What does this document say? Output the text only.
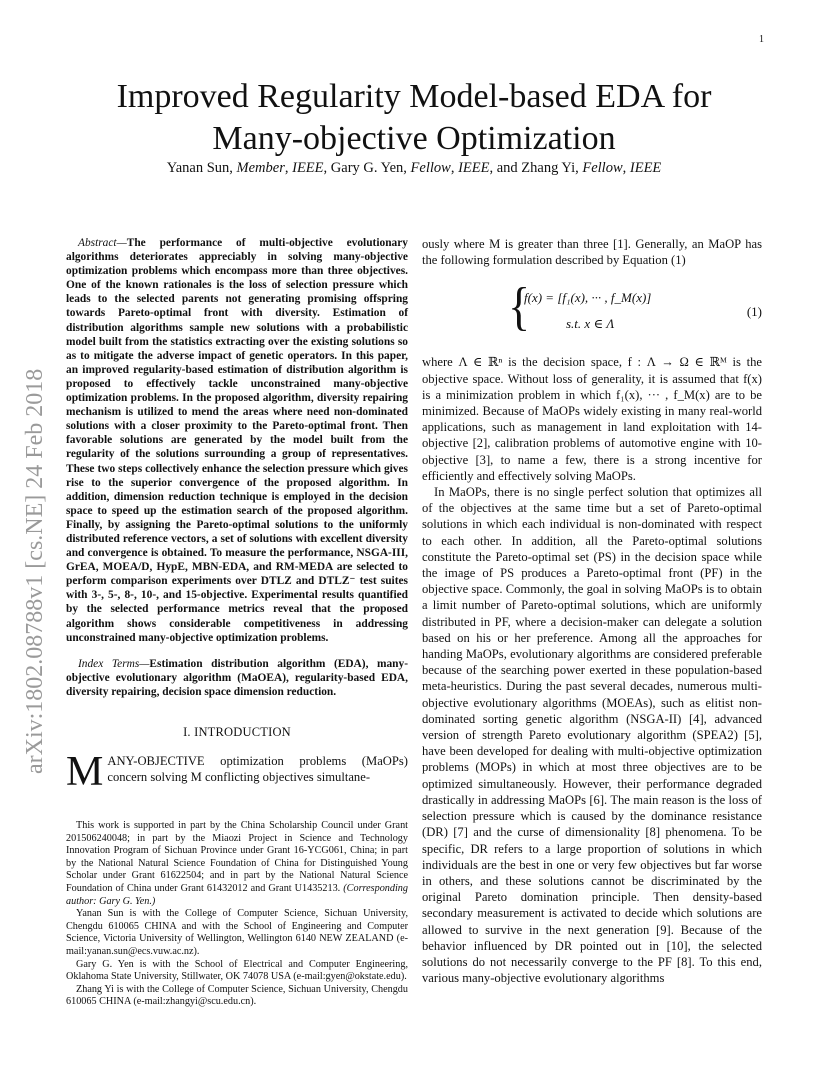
1
arXiv:1802.08788v1 [cs.NE] 24 Feb 2018
Improved Regularity Model-based EDA for
Many-objective Optimization
Yanan Sun, Member, IEEE, Gary G. Yen, Fellow, IEEE, and Zhang Yi, Fellow, IEEE

Abstract—The performance of multi-objective evolutionary algorithms deteriorates appreciably in solving many-objective optimization problems which encompass more than three objectives. One of the known rationales is the loss of selection pressure which leads to the selected parents not generating promising offspring towards Pareto-optimal front with diversity. Estimation of distribution algorithms sample new solutions with a probabilistic model built from the statistics extracting over the existing solutions so as to mitigate the adverse impact of genetic operators. In this paper, an improved regularity-based estimation of distribution algorithm is proposed to effectively tackle unconstrained many-objective optimization problems. In the proposed algorithm, diversity repairing mechanism is utilized to mend the areas where need non-dominated solutions with a closer proximity to the Pareto-optimal front. Then favorable solutions are generated by the model built from the regularity of the solutions surrounding a group of representatives. These two steps collectively enhance the selection pressure which gives rise to the superior convergence of the proposed algorithm. In addition, dimension reduction technique is employed in the decision space to speed up the estimation search of the proposed algorithm. Finally, by assigning the Pareto-optimal solutions to the uniformly distributed reference vectors, a set of solutions with excellent diversity and convergence is obtained. To measure the performance, NSGA-III, GrEA, MOEA/D, HypE, MBN-EDA, and RM-MEDA are selected to perform comparison experiments over DTLZ and DTLZ⁻ test suites with 3-, 5-, 8-, 10-, and 15-objective. Experimental results quantified by the selected performance metrics reveal that the proposed algorithm shows considerable competitiveness in addressing unconstrained many-objective optimization problems.

Index Terms—Estimation distribution algorithm (EDA), many-objective evolutionary algorithm (MaOEA), regularity-based EDA, diversity repairing, decision space dimension reduction.

I. INTRODUCTION

MANY-OBJECTIVE optimization problems (MaOPs) concern solving M conflicting objectives simultane-

This work is supported in part by the China Scholarship Council under Grant 201506240048; in part by the Miaozi Project in Science and Technology Innovation Program of Sichuan Province under Grant 16-YCG061, China; in part by the National Natural Science Foundation of China for Distinguished Young Scholar under Grant 61622504; and in part by the National Natural Science Foundation of China under Grant 61432012 and Grant U1435213. (Corresponding author: Gary G. Yen.)

Yanan Sun is with the College of Computer Science, Sichuan University, Chengdu 610065 CHINA and with the School of Engineering and Computer Science, Victoria University of Wellington, Wellington 6140 NEW ZEALAND (e-mail:yanan.sun@ecs.vuw.ac.nz).

Gary G. Yen is with the School of Electrical and Computer Engineering, Oklahoma State University, Stillwater, OK 74078 USA (e-mail:gyen@okstate.edu).

Zhang Yi is with the College of Computer Science, Sichuan University, Chengdu 610065 CHINA (e-mail:zhangyi@scu.edu.cn).

ously where M is greater than three [1]. Generally, an MaOP has the following formulation described by Equation (1)

{
f(x) = [f₁(x), ··· , f_M(x)]
s.t. x ∈ Λ
(1)

where Λ ∈ ℝⁿ is the decision space, f : Λ → Ω ∈ ℝᴹ is the objective space. Without loss of generality, it is assumed that f(x) is a minimization problem in which f₁(x), ··· , f_M(x) are to be minimized. Because of MaOPs widely existing in many real-world applications, such as management in land exploitation with 14-objective [2], calibration problems of automotive engine with 10-objective [3], to name a few, there is a strong incentive for efficiently and effectively solving MaOPs.

In MaOPs, there is no single perfect solution that optimizes all of the objectives at the same time but a set of Pareto-optimal solutions in which each individual is non-dominated with respect to each other. In addition, all the Pareto-optimal solutions constitute the Pareto-optimal set (PS) in the decision space while the image of PS produces a Pareto-optimal front (PF) in the objective space. Commonly, the goal in solving MaOPs is to obtain a limit number of Pareto-optimal solutions, which are uniformly distributed in PF, where a decision-maker can delegate a solution based on his or her preference. Among all the approaches for handing MaOPs, evolutionary algorithms are considered preferable because of the searching power exerted in these population-based meta-heuristics. During the past several decades, numerous multi-objective evolutionary algorithms (MOEAs), such as elitist non-dominated sorting genetic algorithm (NSGA-II) [4], advanced version of strength Pareto evolutionary algorithm (SPEA2) [5], have been developed for dealing with multi-objective optimization problems (MOPs) in which at most three objectives are to be optimized simultaneously. However, their performance degraded drastically in addressing MaOPs [6]. The main reason is the loss of selection pressure which is caused by the dominance resistance (DR) [7] and the curse of dimensionality [8] phenomena. To be specific, DR refers to a large proportion of solutions in which individuals are the best in one or very few objectives but far worse in others, and these solutions cannot be discriminated by the original Pareto domination principle. Then density-based secondary measurement is activated to decide which solutions are allowed to survive in the next generation [9]. Because of the behavior influenced by DR pointed out in [10], the selected solutions do not necessarily converge to the PF [8]. To this end, various many-objective evolutionary algorithms
